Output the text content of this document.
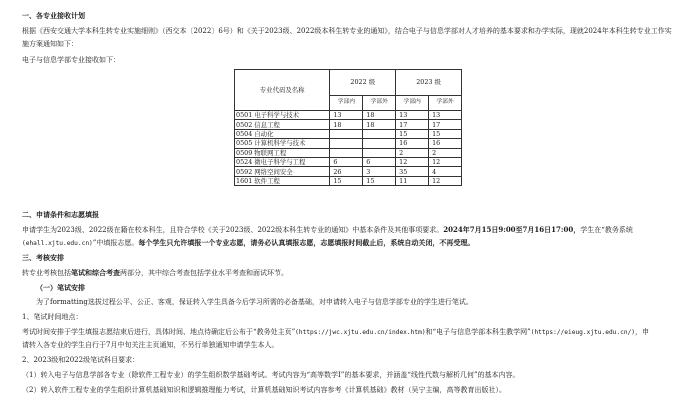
一、各专业接收计划
根据《西安交通大学本科生转专业实施细则》（西交本〔2022〕6号）和《关于2023级、2022级本科生转专业的通知》，结合电子与信息学部对人才培养的基本要求和办学实际，现就2024年本科生转专业工作实
施方案通知如下：
电子与信息学部专业接收如下：
专业代码及名称	2022 级		2023 级	
	学部内	学部外	学部内	学部外
0501 电子科学与技术	13	18	13	13
0502 信息工程	18	18	17	17
0504 自动化			15	15
0505 计算机科学与技术			16	16
0509 物联网工程			2	2
0524 微电子科学与工程	6	6	12	12
0592 网络空间安全	26	3	35	4
1601 软件工程	15	15	11	12
二、申请条件和志愿填报
申请学生为2023级、2022级在籍在校本科生，且符合学校《关于2023级、2022级本科生转专业的通知》中基本条件及其他事项要求。2024年7月15日9:00至7月16日17:00，学生在“教务系统
(ehall.xjtu.edu.cn)”中填报志愿。每个学生只允许填报一个专业志愿，请务必认真填报志愿，志愿填报时间截止后，系统自动关闭，不再受理。
三、考核安排
转专业考核包括笔试和综合考查两部分，其中综合考查包括学业水平考查和面试环节。
（一）笔试安排
为了formatting选拔过程公平、公正、客观，保证转入学生具备今后学习所需的必备基础，对申请转入电子与信息学部专业的学生进行笔试。
1、笔试时间地点：
考试时间安排于学生填报志愿结束后进行，具体时间、地点待确定后公布于“教务处主页”(https://jwc.xjtu.edu.cn/index.htm)和“电子与信息学部本科生教学网”(https://eieug.xjtu.edu.cn/)，申
请转入各专业的学生自行于7月中旬关注主页通知，不另行单独通知申请学生本人。
2、2023级和2022级笔试科目要求：
（1）转入电子与信息学部各专业（除软件工程专业）的学生组织数学基础考试。考试内容为“高等数学I”的基本要求，并涵盖“线性代数与解析几何”的基本内容。
（2）转入软件工程专业的学生组织计算机基础知识和逻辑推理能力考试，计算机基础知识考试内容参考《计算机基础》教材（吴宁主编，高等教育出版社）。
